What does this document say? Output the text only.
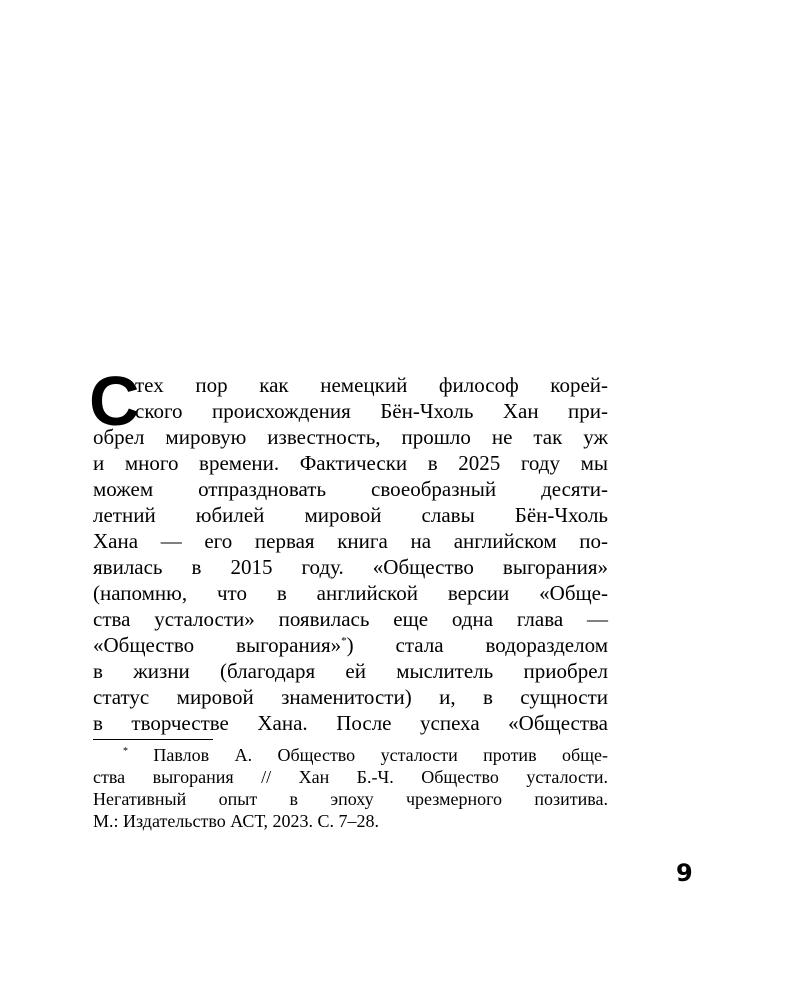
С
тех пор как немецкий философ корей-
ского происхождения Бён-Чхоль Хан при-
обрел мировую известность, прошло не так уж
и много времени. Фактически в 2025 году мы
можем отпраздновать своеобразный десяти-
летний юбилей мировой славы Бён-Чхоль
Хана — его первая книга на английском по-
явилась в 2015 году. «Общество выгорания»
(напомню, что в английской версии «Обще-
ства усталости» появилась еще одна глава —
«Общество выгорания»*) стала водоразделом
в жизни (благодаря ей мыслитель приобрел
статус мировой знаменитости) и, в сущности
в творчестве Хана. После успеха «Общества
* Павлов А. Общество усталости против обще-
ства выгорания // Хан Б.-Ч. Общество усталости.
Негативный опыт в эпоху чрезмерного позитива.
М.: Издательство АСТ, 2023. С. 7–28.
9
